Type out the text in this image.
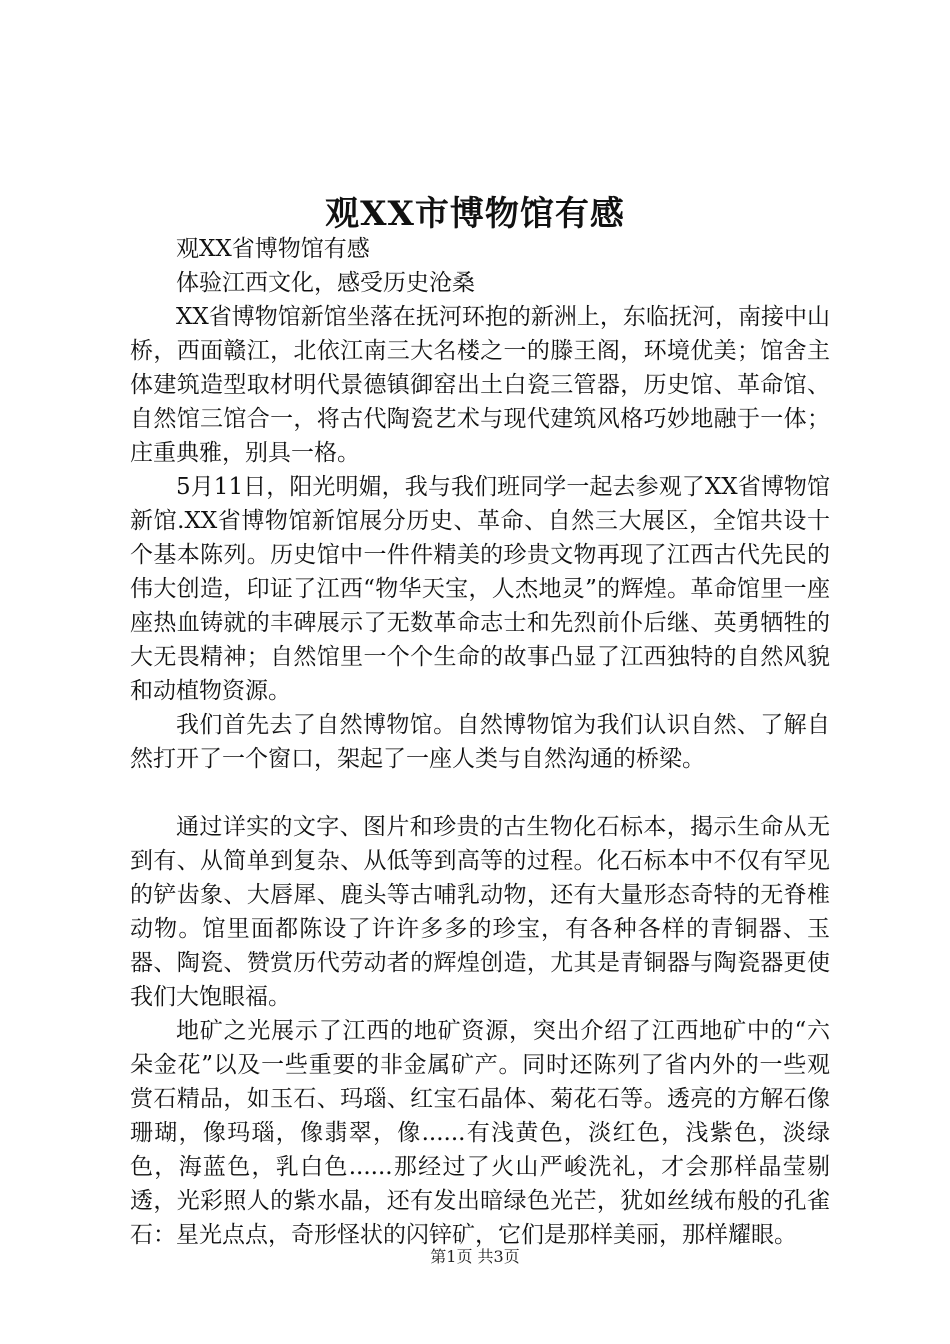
观XX市博物馆有感

观XX省博物馆有感

体验江西文化，感受历史沧桑

XX省博物馆新馆坐落在抚河环抱的新洲上，东临抚河，南接中山桥，西面赣江，北依江南三大名楼之一的滕王阁，环境优美；馆舍主体建筑造型取材明代景德镇御窑出土白瓷三管器，历史馆、革命馆、自然馆三馆合一，将古代陶瓷艺术与现代建筑风格巧妙地融于一体；庄重典雅，别具一格。

5月11日，阳光明媚，我与我们班同学一起去参观了XX省博物馆新馆.XX省博物馆新馆展分历史、革命、自然三大展区，全馆共设十个基本陈列。历史馆中一件件精美的珍贵文物再现了江西古代先民的伟大创造，印证了江西“物华天宝，人杰地灵”的辉煌。革命馆里一座座热血铸就的丰碑展示了无数革命志士和先烈前仆后继、英勇牺牲的大无畏精神；自然馆里一个个生命的故事凸显了江西独特的自然风貌和动植物资源。

我们首先去了自然博物馆。自然博物馆为我们认识自然、了解自然打开了一个窗口，架起了一座人类与自然沟通的桥梁。

通过详实的文字、图片和珍贵的古生物化石标本，揭示生命从无到有、从简单到复杂、从低等到高等的过程。化石标本中不仅有罕见的铲齿象、大唇犀、鹿头等古哺乳动物，还有大量形态奇特的无脊椎动物。馆里面都陈设了许许多多的珍宝，有各种各样的青铜器、玉器、陶瓷、赞赏历代劳动者的辉煌创造，尤其是青铜器与陶瓷器更使我们大饱眼福。

地矿之光展示了江西的地矿资源，突出介绍了江西地矿中的“六朵金花”以及一些重要的非金属矿产。同时还陈列了省内外的一些观赏石精品，如玉石、玛瑙、红宝石晶体、菊花石等。透亮的方解石像珊瑚，像玛瑙，像翡翠，像......有浅黄色，淡红色，浅紫色，淡绿色，海蓝色，乳白色......那经过了火山严峻洗礼，才会那样晶莹剔透，光彩照人的紫水晶，还有发出暗绿色光芒，犹如丝绒布般的孔雀石：星光点点，奇形怪状的闪锌矿，它们是那样美丽，那样耀眼。

第1页 共3页
